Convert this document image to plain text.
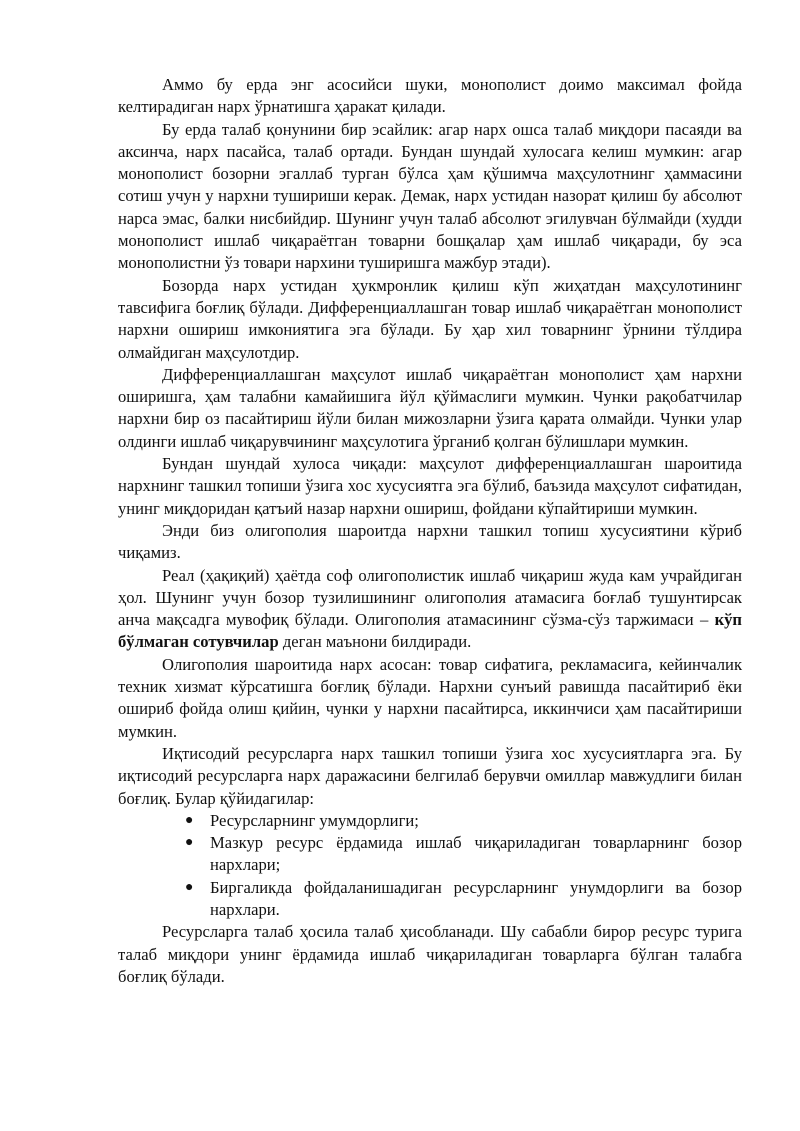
Аммо бу ерда энг асосийси шуки, монополист доимо максимал фойда келтирадиган нарх ўрнатишга ҳаракат қилади.

Бу ерда талаб қонунини бир эсайлик: агар нарх ошса талаб миқдори пасаяди ва аксинча, нарх пасайса, талаб ортади. Бундан шундай хулосага келиш мумкин: агар монополист бозорни эгаллаб турган бўлса ҳам қўшимча маҳсулотнинг ҳаммасини сотиш учун у нархни тушириши керак. Демак, нарх устидан назорат қилиш бу абсолют нарса эмас, балки нисбийдир. Шунинг учун талаб абсолют эгилувчан бўлмайди (худди монополист ишлаб чиқараётган товарни бошқалар ҳам ишлаб чиқаради, бу эса монополистни ўз товари нархини туширишга мажбур этади).

Бозорда нарх устидан ҳукмронлик қилиш кўп жиҳатдан маҳсулотининг тавсифига боғлиқ бўлади. Дифференциаллашган товар ишлаб чиқараётган монополист нархни ошириш имкониятига эга бўлади. Бу ҳар хил товарнинг ўрнини тўлдира олмайдиган маҳсулотдир.

Дифференциаллашган маҳсулот ишлаб чиқараётган монополист ҳам нархни оширишга, ҳам талабни камайишига йўл қўймаслиги мумкин. Чунки рақобатчилар нархни бир оз пасайтириш йўли билан мижозларни ўзига қарата олмайди. Чунки улар олдинги ишлаб чиқарувчининг маҳсулотига ўрганиб қолган бўлишлари мумкин.

Бундан шундай хулоса чиқади: маҳсулот дифференциаллашган шароитида нархнинг ташкил топиши ўзига хос хусусиятга эга бўлиб, баъзида маҳсулот сифатидан, унинг миқдоридан қатъий назар нархни ошириш, фойдани кўпайтириши мумкин.

Энди биз олигополия шароитда нархни ташкил топиш хусусиятини кўриб чиқамиз.

Реал (ҳақиқий) ҳаётда соф олигополистик ишлаб чиқариш жуда кам учрайдиган ҳол. Шунинг учун бозор тузилишининг олигополия атамасига боғлаб тушунтирсак анча мақсадга мувофиқ бўлади. Олигополия атамасининг сўзма-сўз таржимаси – кўп бўлмаган сотувчилар деган маънони билдиради.

Олигополия шароитида нарх асосан: товар сифатига, рекламасига, кейинчалик техник хизмат кўрсатишга боғлиқ бўлади. Нархни сунъий равишда пасайтириб ёки ошириб фойда олиш қийин, чунки у нархни пасайтирса, иккинчиси ҳам пасайтириши мумкин.

Иқтисодий ресурсларга нарх ташкил топиши ўзига хос хусусиятларга эга. Бу иқтисодий ресурсларга нарх даражасини белгилаб берувчи омиллар мавжудлиги билан боғлиқ. Булар қўйидагилар:

● Ресурсларнинг умумдорлиги;
● Мазкур ресурс ёрдамида ишлаб чиқариладиган товарларнинг бозор нархлари;
● Биргаликда фойдаланишадиган ресурсларнинг унумдорлиги ва бозор нархлари.

Ресурсларга талаб ҳосила талаб ҳисобланади. Шу сабабли бирор ресурс турига талаб миқдори унинг ёрдамида ишлаб чиқариладиган товарларга бўлган талабга боғлиқ бўлади.
